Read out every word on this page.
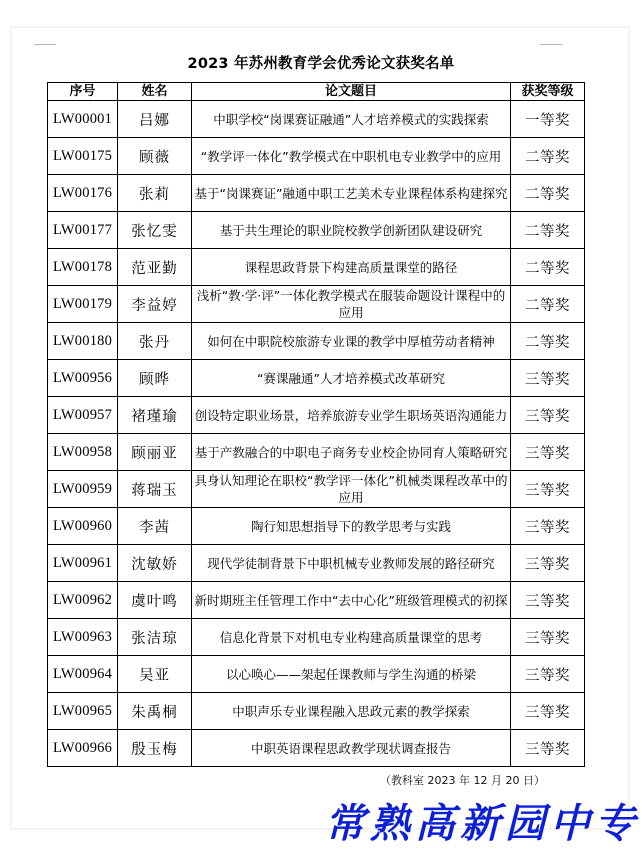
2023 年苏州教育学会优秀论文获奖名单
序号	姓名	论文题目	获奖等级
LW00001	吕娜	中职学校“岗课赛证融通”人才培养模式的实践探索	一等奖
LW00175	顾薇	“教学评一体化”教学模式在中职机电专业教学中的应用	二等奖
LW00176	张莉	基于“岗课赛证”融通中职工艺美术专业课程体系构建探究	二等奖
LW00177	张忆雯	基于共生理论的职业院校教学创新团队建设研究	二等奖
LW00178	范亚勤	课程思政背景下构建高质量课堂的路径	二等奖
LW00179	李益婷	浅析“教·学·评”一体化教学模式在服装命题设计课程中的应用	二等奖
LW00180	张丹	如何在中职院校旅游专业课的教学中厚植劳动者精神	二等奖
LW00956	顾晔	“赛课融通”人才培养模式改革研究	三等奖
LW00957	褚瑾瑜	创设特定职业场景，培养旅游专业学生职场英语沟通能力	三等奖
LW00958	顾丽亚	基于产教融合的中职电子商务专业校企协同育人策略研究	三等奖
LW00959	蒋瑞玉	具身认知理论在职校“教学评一体化”机械类课程改革中的应用	三等奖
LW00960	李茜	陶行知思想指导下的教学思考与实践	三等奖
LW00961	沈敏娇	现代学徒制背景下中职机械专业教师发展的路径研究	三等奖
LW00962	虞叶鸣	新时期班主任管理工作中“去中心化”班级管理模式的初探	三等奖
LW00963	张洁琼	信息化背景下对机电专业构建高质量课堂的思考	三等奖
LW00964	吴亚	以心唤心——架起任课教师与学生沟通的桥梁	三等奖
LW00965	朱禹桐	中职声乐专业课程融入思政元素的教学探索	三等奖
LW00966	殷玉梅	中职英语课程思政教学现状调查报告	三等奖
（教科室 2023 年 12 月 20 日）
常熟高新园中专
